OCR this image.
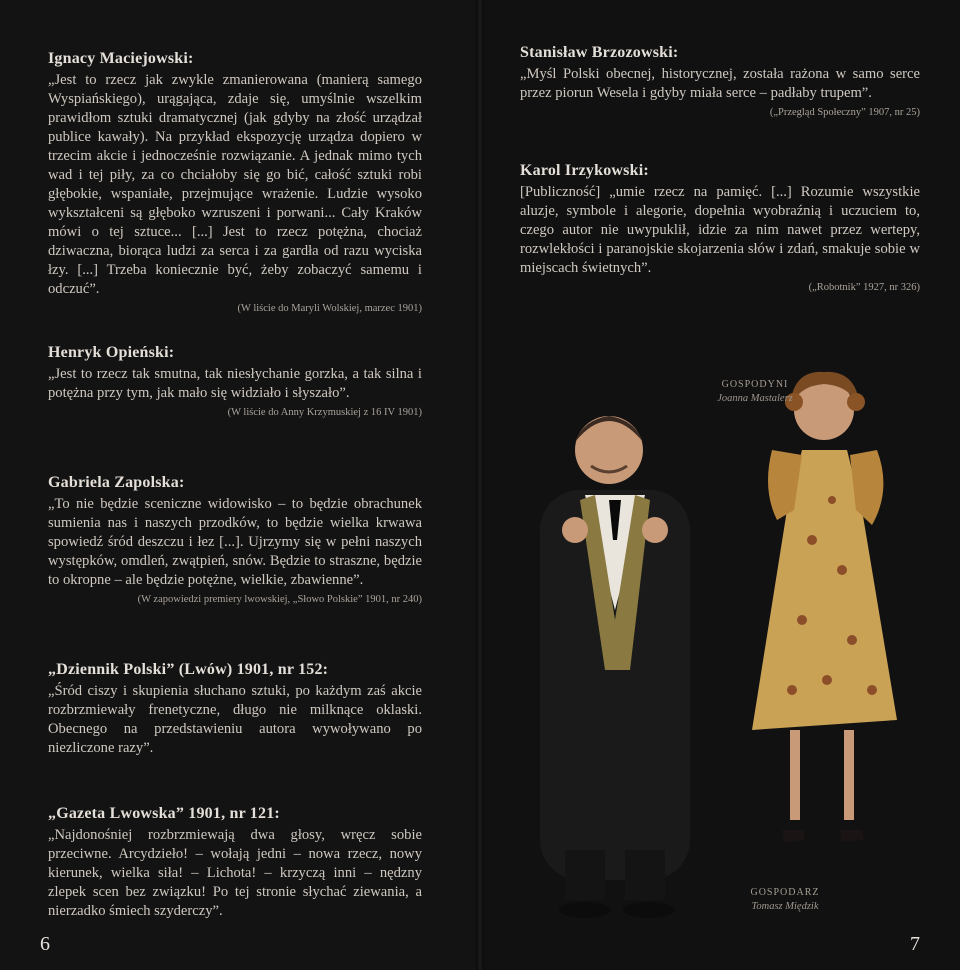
Ignacy Maciejowski:

„Jest to rzecz jak zwykle zmanierowana (manierą samego Wyspiańskiego), urągająca, zdaje się, umyślnie wszelkim prawidłom sztuki dramatycznej (jak gdyby na złość urządzał publice kawały). Na przykład ekspozycję urządza dopiero w trzecim akcie i jednocześnie rozwiązanie. A jednak mimo tych wad i tej piły, za co chciałoby się go bić, całość sztuki robi głębokie, wspaniałe, przejmujące wrażenie. Ludzie wysoko wykształceni są głęboko wzruszeni i porwani... Cały Kraków mówi o tej sztuce... [...] Jest to rzecz potężna, chociaż dziwaczna, biorąca ludzi za serca i za gardła od razu wyciska łzy. [...] Trzeba koniecznie być, żeby zobaczyć samemu i odczuć”.

(W liście do Maryli Wolskiej, marzec 1901)
Henryk Opieński:

„Jest to rzecz tak smutna, tak niesłychanie gorzka, a tak silna i potężna przy tym, jak mało się widziało i słyszało”.

(W liście do Anny Krzymuskiej z 16 IV 1901)
Gabriela Zapolska:

„To nie będzie sceniczne widowisko – to będzie obrachunek sumienia nas i naszych przodków, to będzie wielka krwawa spowiedź śród deszczu i łez [...]. Ujrzymy się w pełni naszych występków, omdleń, zwątpień, snów. Będzie to straszne, będzie to okropne – ale będzie potężne, wielkie, zbawienne”.

(W zapowiedzi premiery lwowskiej, „Słowo Polskie” 1901, nr 240)
„Dziennik Polski” (Lwów) 1901, nr 152:

„Śród ciszy i skupienia słuchano sztuki, po każdym zaś akcie rozbrzmiewały frenetyczne, długo nie milknące oklaski. Obecnego na przedstawieniu autora wywoływano po niezliczone razy”.

„Gazeta Lwowska” 1901, nr 121:

„Najdonośniej rozbrzmiewają dwa głosy, wręcz sobie przeciwne. Arcydzieło! – wołają jedni – nowa rzecz, nowy kierunek, wielka siła! – Lichota! – krzyczą inni – nędzny zlepek scen bez związku! Po tej stronie słychać ziewania, a nierzadko śmiech szyderczy”.

6
Stanisław Brzozowski:

„Myśl Polski obecnej, historycznej, została rażona w samo serce przez piorun Wesela i gdyby miała serce – padłaby trupem”.

(„Przegląd Społeczny” 1907, nr 25)
Karol Irzykowski:

[Publiczność] „umie rzecz na pamięć. [...] Rozumie wszystkie aluzje, symbole i alegorie, dopełnia wyobraźnią i uczuciem to, czego autor nie uwypuklił, idzie za nim nawet przez wertepy, rozwlekłości i paranojskie skojarzenia słów i zdań, smakuje sobie w miejscach świetnych”.

(„Robotnik” 1927, nr 326)
GOSPODYNI
Joanna Mastalerz
GOSPODARZ
Tomasz Międzik
7
